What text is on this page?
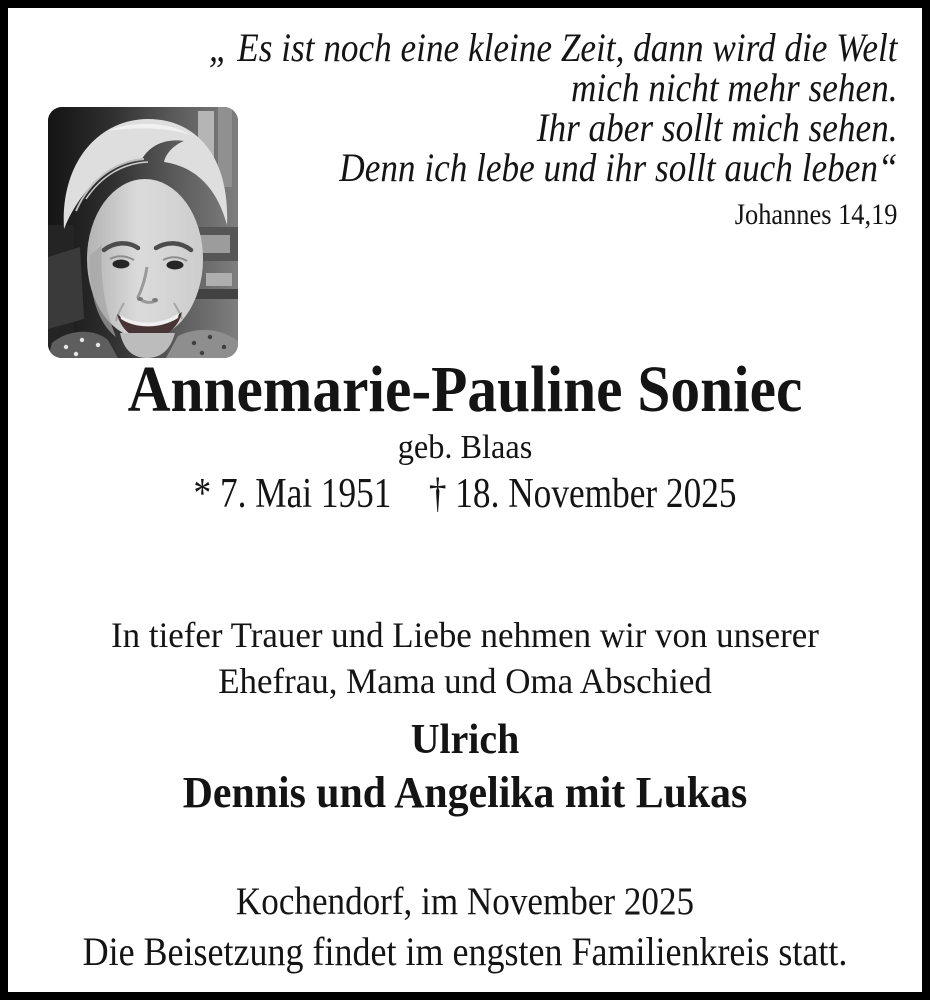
„ Es ist noch eine kleine Zeit, dann wird die Welt
mich nicht mehr sehen.
Ihr aber sollt mich sehen.
Denn ich lebe und ihr sollt auch leben“
Johannes 14,19
Annemarie-Pauline Soniec
geb. Blaas
* 7. Mai 1951 † 18. November 2025
In tiefer Trauer und Liebe nehmen wir von unserer
Ehefrau, Mama und Oma Abschied
Ulrich
Dennis und Angelika mit Lukas
Kochendorf, im November 2025
Die Beisetzung findet im engsten Familienkreis statt.
